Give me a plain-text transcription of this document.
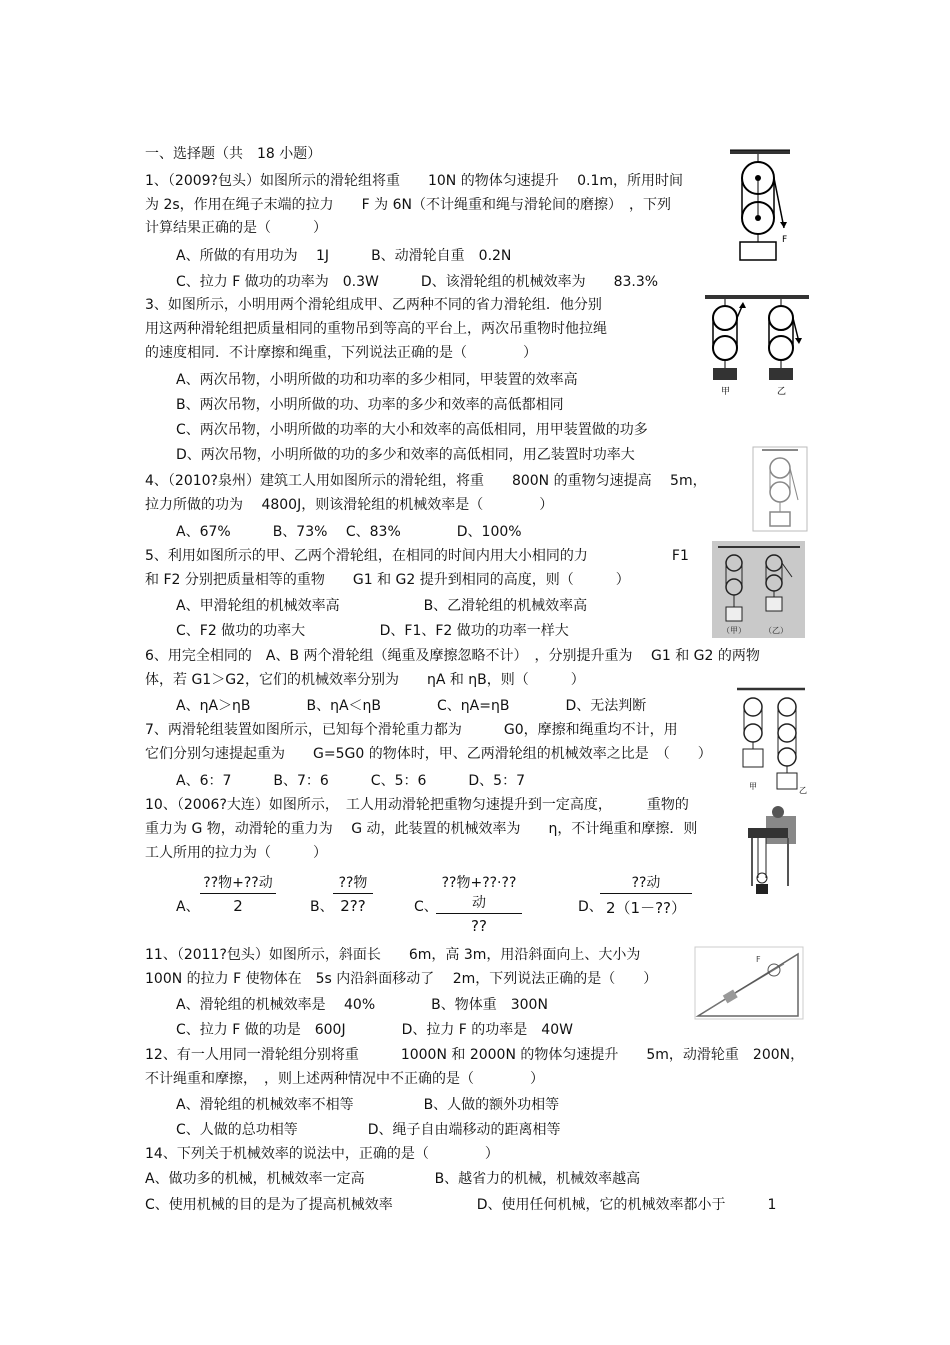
一、选择题（共　18 小题）
1、（2009?包头）如图所示的滑轮组将重　　10N 的物体匀速提升　 0.1m，所用时间
为 2s，作用在绳子末端的拉力　　F 为 6N（不计绳重和绳与滑轮间的磨擦）　，下列
计算结果正确的是（　　　）
A、所做的有用功为　 1J　　　B、动滑轮自重　0.2N
C、拉力 F 做功的功率为　0.3W　　　D、该滑轮组的机械效率为　　83.3%
F
3、如图所示，小明用两个滑轮组成甲、乙两种不同的省力滑轮组．他分别
用这两种滑轮组把质量相同的重物吊到等高的平台上，两次吊重物时他拉绳
的速度相同．不计摩擦和绳重，下列说法正确的是（　　　　）
A、两次吊物，小明所做的功和功率的多少相同，甲装置的效率高
B、两次吊物，小明所做的功、功率的多少和效率的高低都相同
C、两次吊物，小明所做的功率的大小和效率的高低相同，用甲装置做的功多
D、两次吊物，小明所做的功的多少和效率的高低相同，用乙装置时功率大
甲	乙
4、（2010?泉州）建筑工人用如图所示的滑轮组，将重　　800N 的重物匀速提高　 5m，
拉力所做的功为　 4800J，则该滑轮组的机械效率是（　　　　）
A、67%　　　B、73%　 C、83%　　　　D、100%
5、利用如图所示的甲、乙两个滑轮组，在相同的时间内用大小相同的力　　　　　　F1
和 F2 分别把质量相等的重物　　G1 和 G2 提升到相同的高度，则（　　　）
A、甲滑轮组的机械效率高　　　　　　B、乙滑轮组的机械效率高
C、F2 做功的功率大　　　　　 D、F1、F2 做功的功率一样大	（甲） （乙）
6、用完全相同的　A、B 两个滑轮组（绳重及摩擦忽略不计）　，分别提升重为　 G1 和 G2 的两物
体，若 G1＞G2，它们的机械效率分别为　　ηA 和 ηB，则（　　　）
A、ηA＞ηB　　　　B、ηA＜ηB　　　　C、ηA=ηB　　　　D、无法判断
7、两滑轮组装置如图所示，已知每个滑轮重力都为　　　G0，摩擦和绳重均不计，用
它们分别匀速提起重为　　G=5G0 的物体时，甲、乙两滑轮组的机械效率之比是　（　　）
A、6：7　　　B、7：6　　　C、5：6　　　D、5：7	甲	乙
10、（2006?大连）如图所示，　工人用动滑轮把重物匀速提升到一定高度，　　　重物的
重力为 G 物，动滑轮的重力为　 G 动，此装置的机械效率为　　η，不计绳重和摩擦．则
工人所用的拉力为（　　　）
A、
??物+??动
2	B、
??物
2??	C、
??物+??·??动
??
D、
??动
2（1－??）
11、（2011?包头）如图所示，斜面长　　6m，高 3m，用沿斜面向上、大小为
100N 的拉力 F 使物体在　5s 内沿斜面移动了　 2m，下列说法正确的是（　　）
A、滑轮组的机械效率是　 40%　　　　B、物体重　300N
C、拉力 F 做的功是　600J　　　　D、拉力 F 的功率是　40W
F
12、有一人用同一滑轮组分别将重　　　1000N 和 2000N 的物体匀速提升　　5m，动滑轮重　200N，
不计绳重和摩擦，　，则上述两种情况中不正确的是（　　　　）
A、滑轮组的机械效率不相等　　　　　B、人做的额外功相等
C、人做的总功相等　　　　　D、绳子自由端移动的距离相等
14、下列关于机械效率的说法中，正确的是（　　　　）
A、做功多的机械，机械效率一定高　　　　　B、越省力的机械，机械效率越高
C、使用机械的目的是为了提高机械效率　　　　　　D、使用任何机械，它的机械效率都小于　　　1
